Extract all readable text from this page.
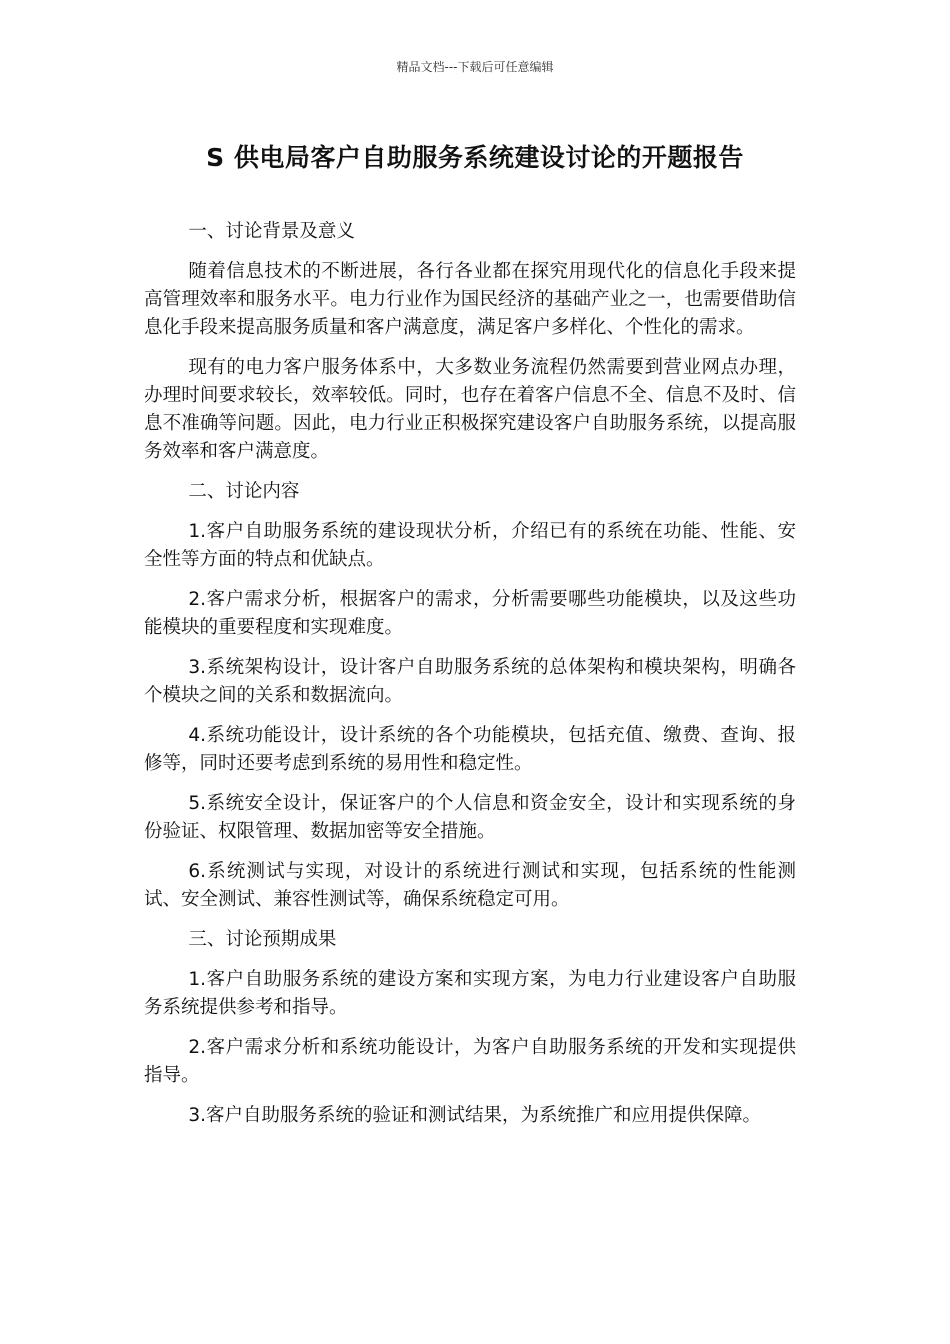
精品文档---下载后可任意编辑
S 供电局客户自助服务系统建设讨论的开题报告

一、讨论背景及意义

随着信息技术的不断进展，各行各业都在探究用现代化的信息化手段来提高管理效率和服务水平。电力行业作为国民经济的基础产业之一，也需要借助信息化手段来提高服务质量和客户满意度，满足客户多样化、个性化的需求。

现有的电力客户服务体系中，大多数业务流程仍然需要到营业网点办理，办理时间要求较长，效率较低。同时，也存在着客户信息不全、信息不及时、信息不准确等问题。因此，电力行业正积极探究建设客户自助服务系统，以提高服务效率和客户满意度。

二、讨论内容

1.客户自助服务系统的建设现状分析，介绍已有的系统在功能、性能、安全性等方面的特点和优缺点。

2.客户需求分析，根据客户的需求，分析需要哪些功能模块，以及这些功能模块的重要程度和实现难度。

3.系统架构设计，设计客户自助服务系统的总体架构和模块架构，明确各个模块之间的关系和数据流向。

4.系统功能设计，设计系统的各个功能模块，包括充值、缴费、查询、报修等，同时还要考虑到系统的易用性和稳定性。

5.系统安全设计，保证客户的个人信息和资金安全，设计和实现系统的身份验证、权限管理、数据加密等安全措施。

6.系统测试与实现，对设计的系统进行测试和实现，包括系统的性能测试、安全测试、兼容性测试等，确保系统稳定可用。

三、讨论预期成果

1.客户自助服务系统的建设方案和实现方案，为电力行业建设客户自助服务系统提供参考和指导。

2.客户需求分析和系统功能设计，为客户自助服务系统的开发和实现提供指导。

3.客户自助服务系统的验证和测试结果，为系统推广和应用提供保障。
